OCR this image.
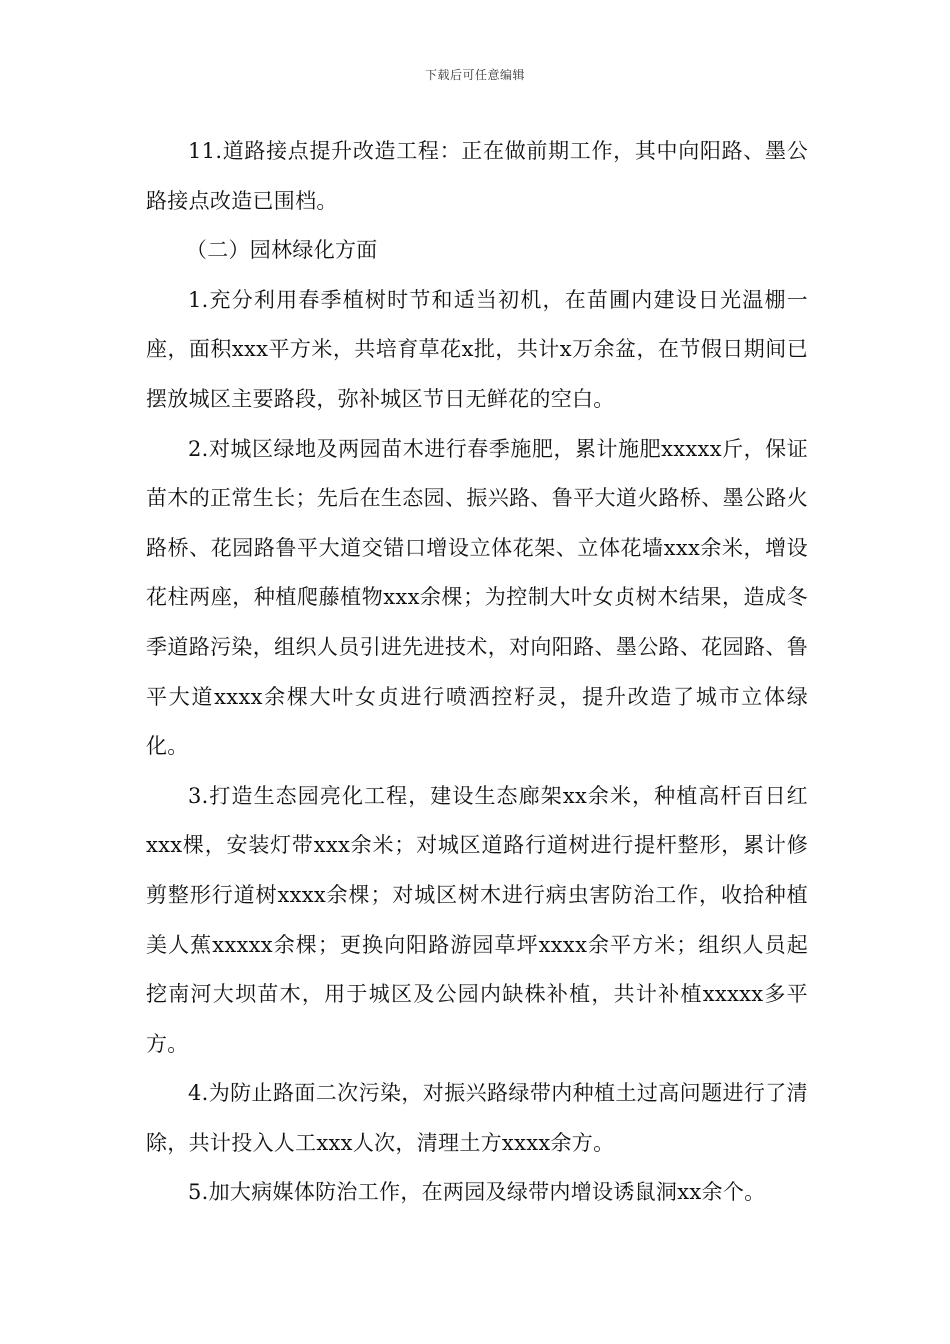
下载后可任意编辑

11.道路接点提升改造工程：正在做前期工作，其中向阳路、墨公路接点改造已围档。

（二）园林绿化方面

1.充分利用春季植树时节和适当初机，在苗圃内建设日光温棚一座，面积xxx平方米，共培育草花x批，共计x万余盆，在节假日期间已摆放城区主要路段，弥补城区节日无鲜花的空白。

2.对城区绿地及两园苗木进行春季施肥，累计施肥xxxxx斤，保证苗木的正常生长；先后在生态园、振兴路、鲁平大道火路桥、墨公路火路桥、花园路鲁平大道交错口增设立体花架、立体花墙xxx余米，增设花柱两座，种植爬藤植物xxx余棵；为控制大叶女贞树木结果，造成冬季道路污染，组织人员引进先进技术，对向阳路、墨公路、花园路、鲁平大道xxxx余棵大叶女贞进行喷洒控籽灵，提升改造了城市立体绿化。

3.打造生态园亮化工程，建设生态廊架xx余米，种植高杆百日红xxx棵，安装灯带xxx余米；对城区道路行道树进行提杆整形，累计修剪整形行道树xxxx余棵；对城区树木进行病虫害防治工作，收拾种植美人蕉xxxxx余棵；更换向阳路游园草坪xxxx余平方米；组织人员起挖南河大坝苗木，用于城区及公园内缺株补植，共计补植xxxxx多平方。

4.为防止路面二次污染，对振兴路绿带内种植土过高问题进行了清除，共计投入人工xxx人次，清理土方xxxx余方。

5.加大病媒体防治工作，在两园及绿带内增设诱鼠洞xx余个。
